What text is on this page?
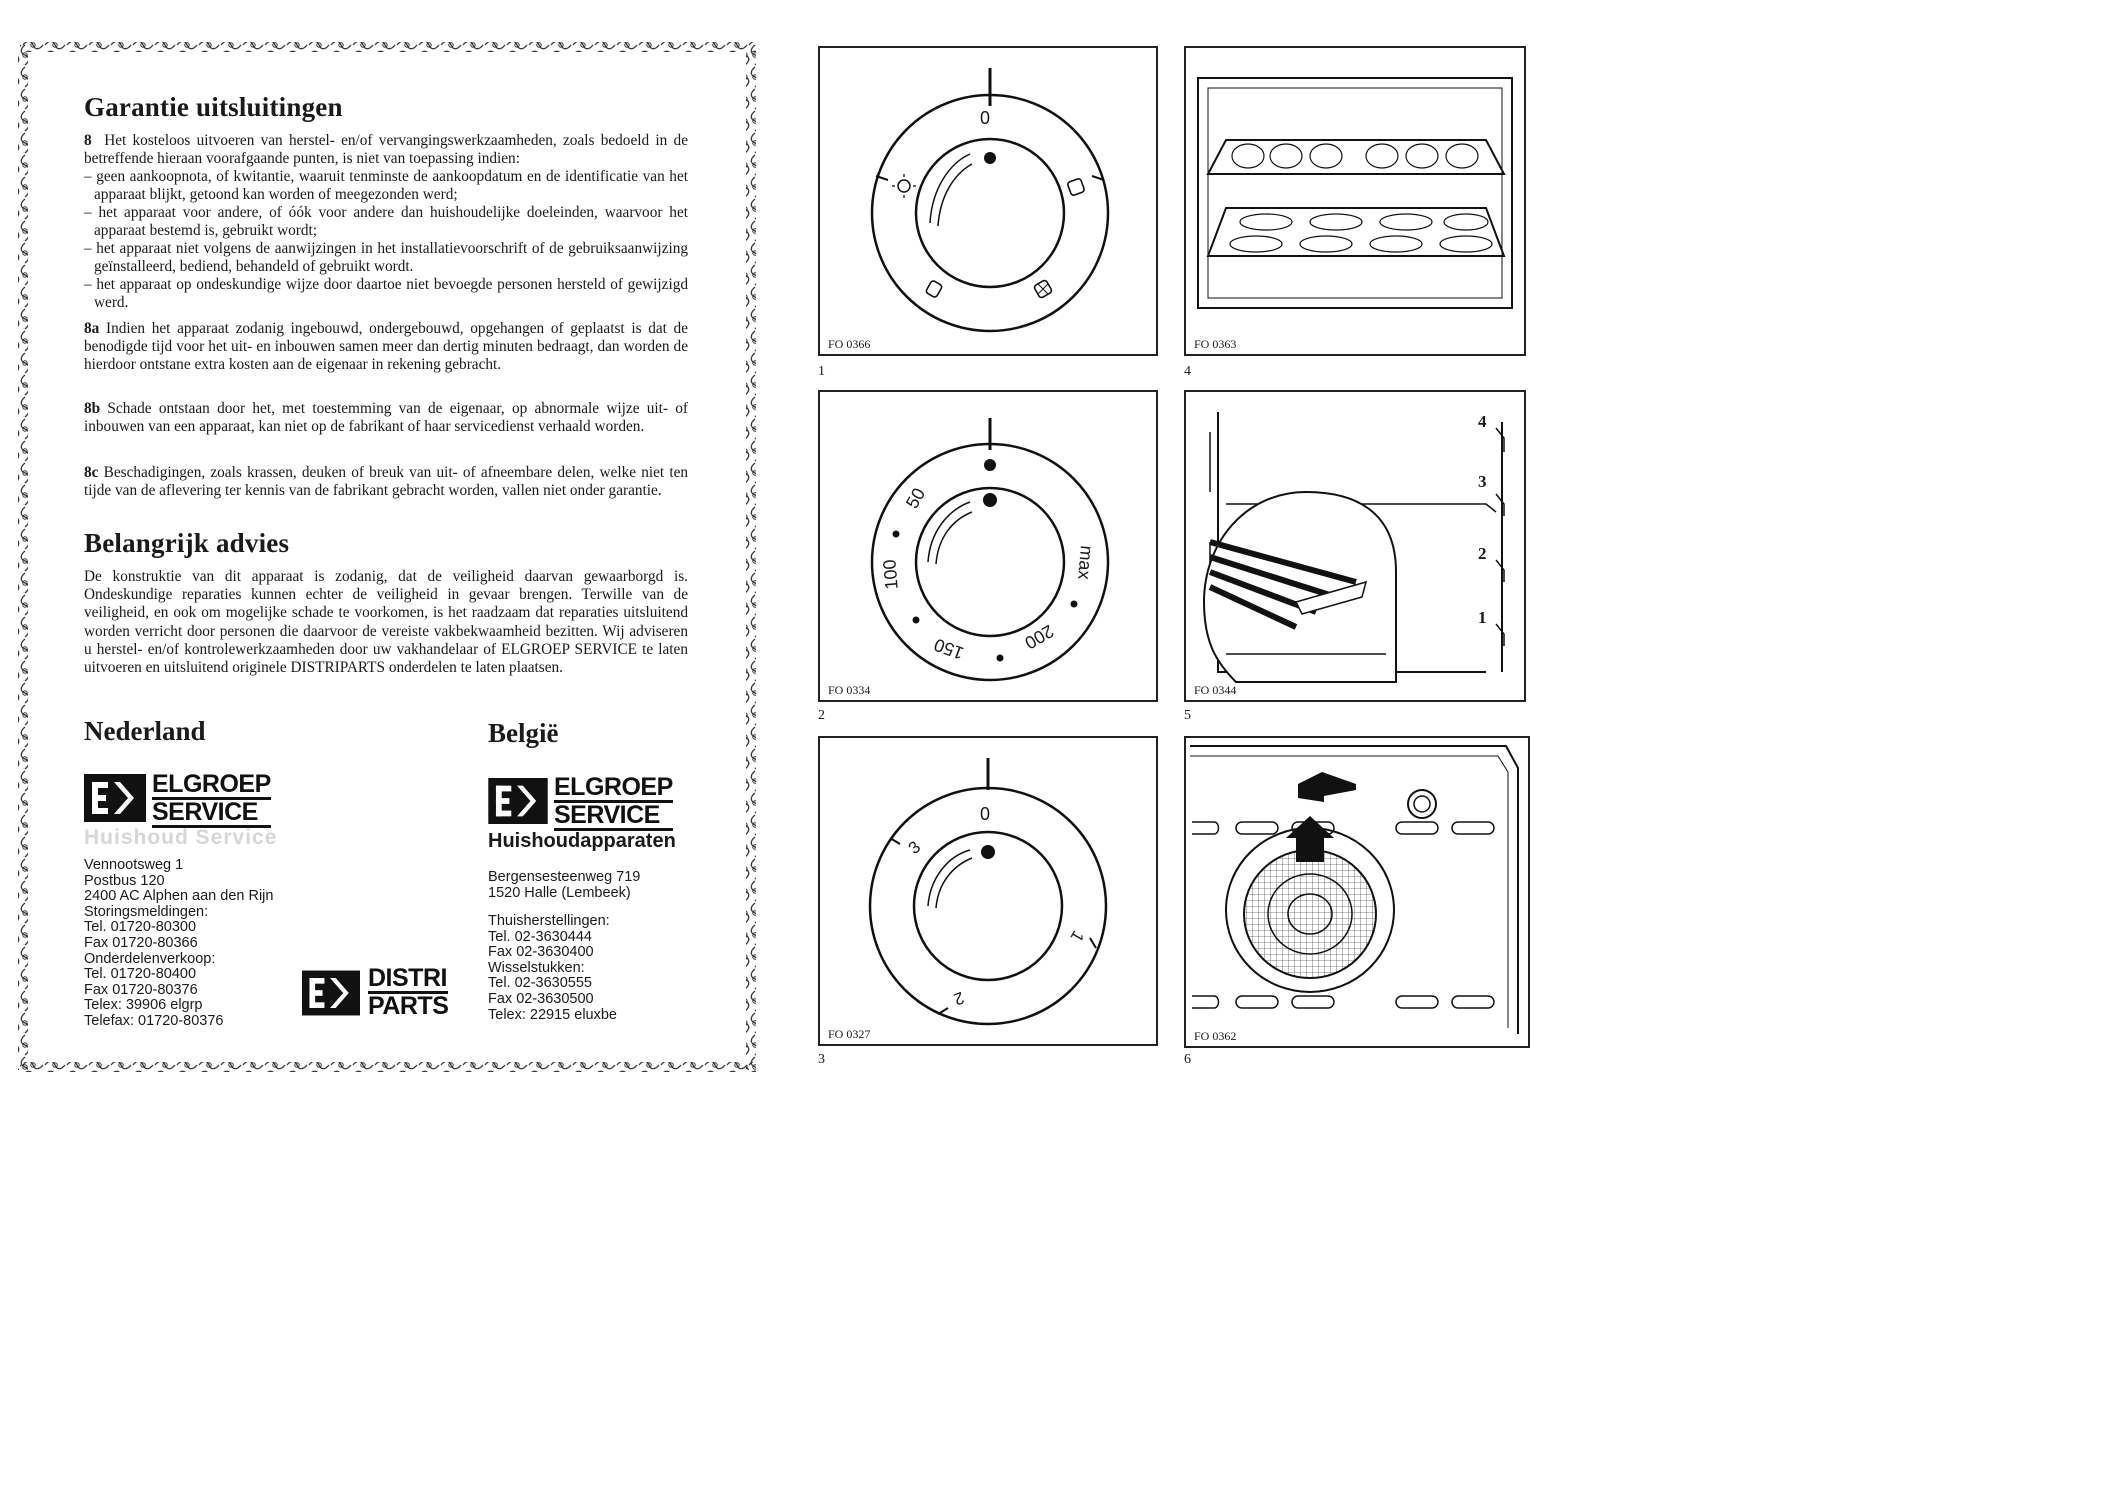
Garantie uitsluitingen

8 Het kosteloos uitvoeren van herstel- en/of vervangingswerkzaamheden, zoals bedoeld in de betreffende hieraan voorafgaande punten, is niet van toepassing indien:

– geen aankoopnota, of kwitantie, waaruit tenminste de aankoopdatum en de identificatie van het apparaat blijkt, getoond kan worden of meegezonden werd;
– het apparaat voor andere, of óók voor andere dan huishoudelijke doeleinden, waarvoor het apparaat bestemd is, gebruikt wordt;
– het apparaat niet volgens de aanwijzingen in het installatievoorschrift of de gebruiksaanwijzing geïnstalleerd, bediend, behandeld of gebruikt wordt.
– het apparaat op ondeskundige wijze door daartoe niet bevoegde personen hersteld of gewijzigd werd.

8a Indien het apparaat zodanig ingebouwd, ondergebouwd, opgehangen of geplaatst is dat de benodigde tijd voor het uit- en inbouwen samen meer dan dertig minuten bedraagt, dan worden de hierdoor ontstane extra kosten aan de eigenaar in rekening gebracht.

8b Schade ontstaan door het, met toestemming van de eigenaar, op abnormale wijze uit- of inbouwen van een apparaat, kan niet op de fabrikant of haar servicedienst verhaald worden.

8c Beschadigingen, zoals krassen, deuken of breuk van uit- of afneembare delen, welke niet ten tijde van de aflevering ter kennis van de fabrikant gebracht worden, vallen niet onder garantie.

Belangrijk advies

De konstruktie van dit apparaat is zodanig, dat de veiligheid daarvan gewaarborgd is. Ondeskundige reparaties kunnen echter de veiligheid in gevaar brengen. Terwille van de veiligheid, en ook om mogelijke schade te voorkomen, is het raadzaam dat reparaties uitsluitend worden verricht door personen die daarvoor de vereiste vakbekwaamheid bezitten. Wij adviseren u herstel- en/of kontrolewerkzaamheden door uw vakhandelaar of ELGROEP SERVICE te laten uitvoeren en uitsluitend originele DISTRIPARTS onderdelen te laten plaatsen.

Nederland
ELGROEP
SERVICE
Huishoud Service
Vennootsweg 1
Postbus 120
2400 AC Alphen aan den Rijn
Storingsmeldingen:
Tel. 01720-80300
Fax 01720-80366
Onderdelenverkoop:
Tel. 01720-80400
Fax 01720-80376
Telex: 39906 elgrp
Telefax: 01720-80376
DISTRI
PARTS
België
ELGROEP
SERVICE
Huishoudapparaten
Bergensesteenweg 719
1520 Halle (Lembeek)
Thuisherstellingen:
Tel. 02-3630444
Fax 02-3630400
Wisselstukken:
Tel. 02-3630555
Fax 02-3630500
Telex: 22915 eluxbe
0
FO 0366
1
FO 0363
4
50
100
150	200
max
FO 0334
2
4
3
2
1
FO 0344
5
0
3
1
2
FO 0327
3
FO 0362
6
